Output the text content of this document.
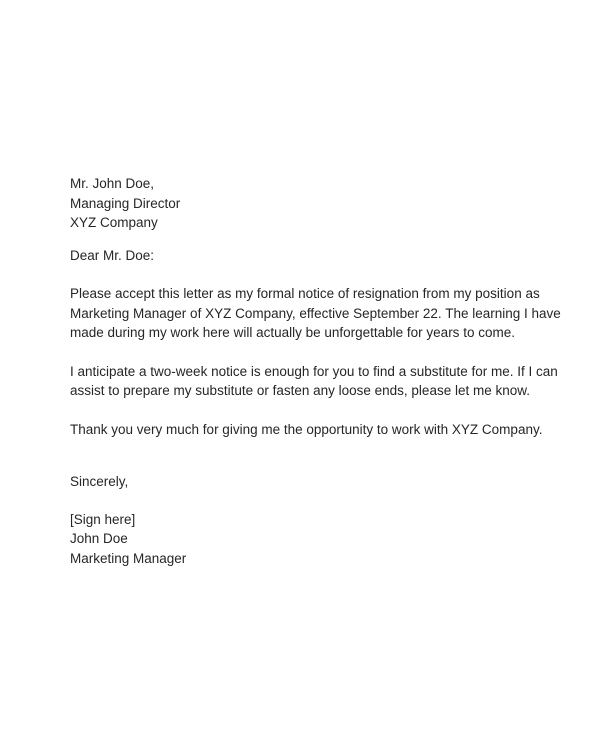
Mr. John Doe,

Managing Director

XYZ Company

Dear Mr. Doe:

Please accept this letter as my formal notice of resignation from my position as Marketing Manager of XYZ Company, effective September 22. The learning I have made during my work here will actually be unforgettable for years to come.

I anticipate a two-week notice is enough for you to find a substitute for me. If I can assist to prepare my substitute or fasten any loose ends, please let me know.

Thank you very much for giving me the opportunity to work with XYZ Company.

Sincerely,

[Sign here]

John Doe

Marketing Manager
